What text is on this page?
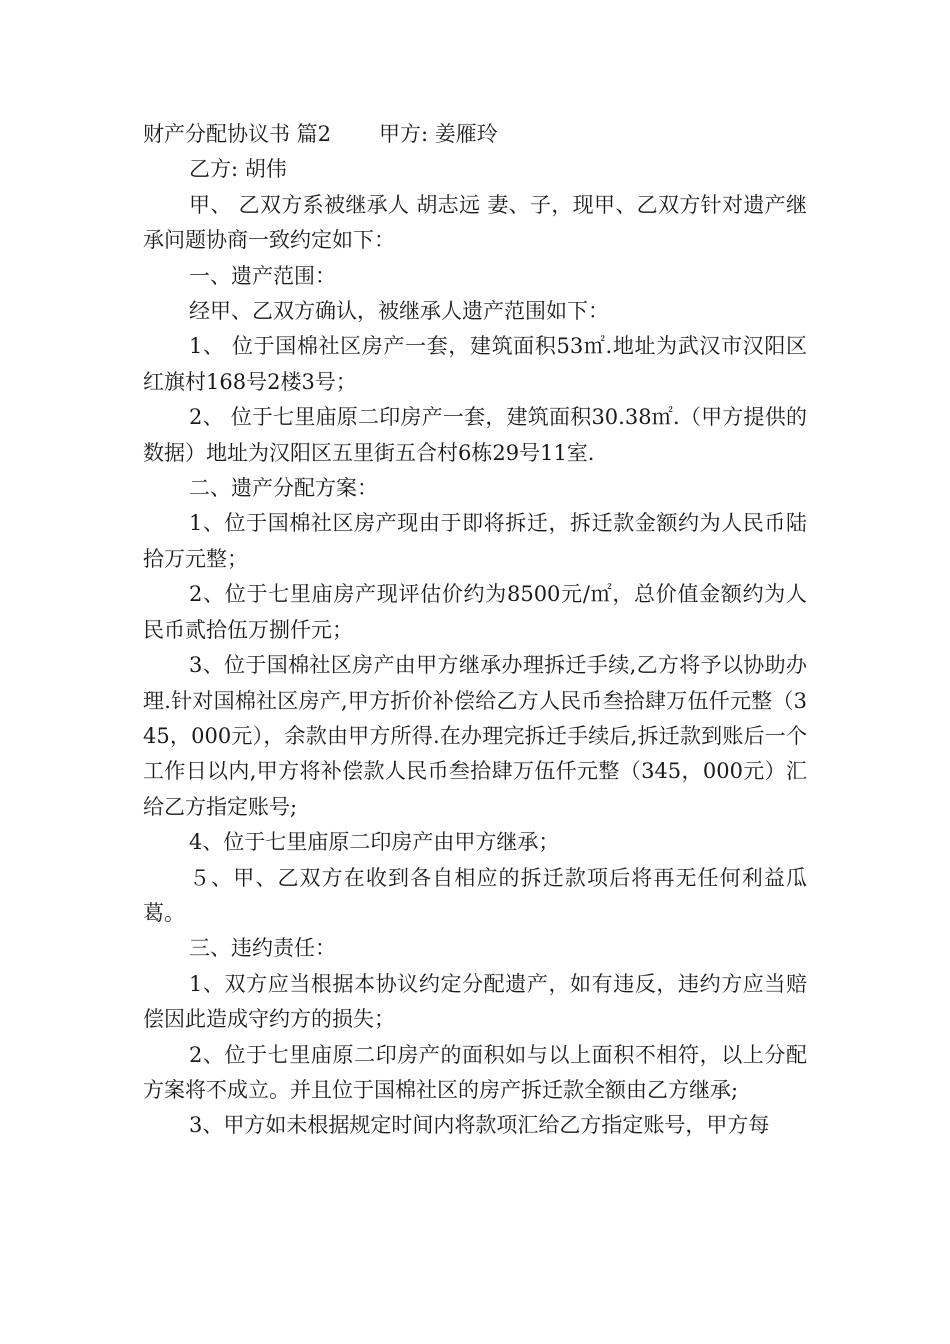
财产分配协议书 篇2 甲方: 姜雁玲

乙方: 胡伟

甲、 乙双方系被继承人 胡志远 妻、子，现甲、乙双方针对遗产继承问题协商一致约定如下：

一、遗产范围：

经甲、乙双方确认，被继承人遗产范围如下：

1、 位于国棉社区房产一套，建筑面积53㎡.地址为武汉市汉阳区红旗村168号2楼3号；

2、 位于七里庙原二印房产一套，建筑面积30.38㎡.（甲方提供的数据）地址为汉阳区五里街五合村6栋29号11室.

二、遗产分配方案：

1、位于国棉社区房产现由于即将拆迁，拆迁款金额约为人民币陆拾万元整；

2、位于七里庙房产现评估价约为8500元/㎡，总价值金额约为人民币贰拾伍万捌仟元；

3、位于国棉社区房产由甲方继承办理拆迁手续,乙方将予以协助办理.针对国棉社区房产,甲方折价补偿给乙方人民币叁拾肆万伍仟元整（345，000元），余款由甲方所得.在办理完拆迁手续后,拆迁款到账后一个工作日以内,甲方将补偿款人民币叁拾肆万伍仟元整（345，000元）汇给乙方指定账号;

4、位于七里庙原二印房产由甲方继承；

５、甲、乙双方在收到各自相应的拆迁款项后将再无任何利益瓜葛。

三、违约责任：

1、双方应当根据本协议约定分配遗产，如有违反，违约方应当赔偿因此造成守约方的损失；

2、位于七里庙原二印房产的面积如与以上面积不相符，以上分配方案将不成立。并且位于国棉社区的房产拆迁款全额由乙方继承;

3、甲方如未根据规定时间内将款项汇给乙方指定账号，甲方每
